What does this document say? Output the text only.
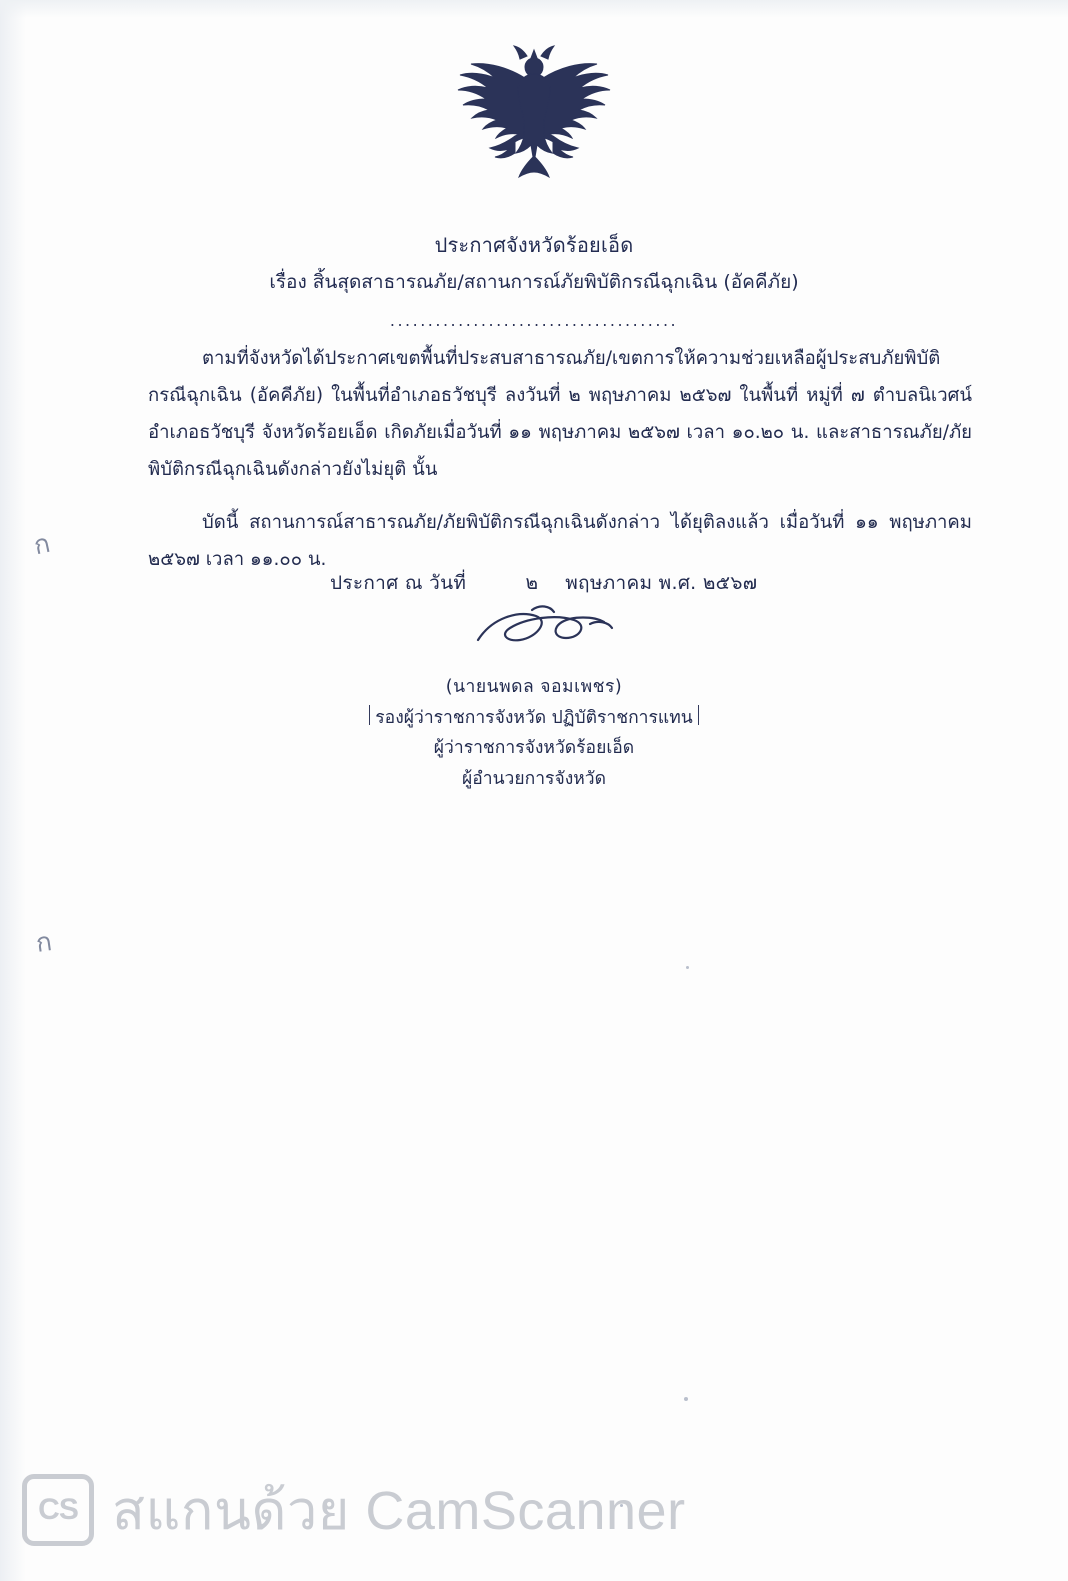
ประกาศจังหวัดร้อยเอ็ด
เรื่อง สิ้นสุดสาธารณภัย/สถานการณ์ภัยพิบัติกรณีฉุกเฉิน (อัคคีภัย)
......................................

ตามที่จังหวัดได้ประกาศเขตพื้นที่ประสบสาธารณภัย/เขตการให้ความช่วยเหลือผู้ประสบภัยพิบัติกรณีฉุกเฉิน (อัคคีภัย) ในพื้นที่อำเภอธวัชบุรี ลงวันที่ ๒ พฤษภาคม ๒๕๖๗ ในพื้นที่ หมู่ที่ ๗ ตำบลนิเวศน์ อำเภอธวัชบุรี จังหวัดร้อยเอ็ด เกิดภัยเมื่อวันที่ ๑๑ พฤษภาคม ๒๕๖๗ เวลา ๑๐.๒๐ น. และสาธารณภัย/ภัยพิบัติกรณีฉุกเฉินดังกล่าวยังไม่ยุติ นั้น

บัดนี้ สถานการณ์สาธารณภัย/ภัยพิบัติกรณีฉุกเฉินดังกล่าว ได้ยุติลงแล้ว เมื่อวันที่ ๑๑ พฤษภาคม ๒๕๖๗ เวลา ๑๑.๐๐ น.

ประกาศ ณ วันที่	๒ พฤษภาคม พ.ศ. ๒๕๖๗
(นายนพดล จอมเพชร)
รองผู้ว่าราชการจังหวัด ปฏิบัติราชการแทน
ผู้ว่าราชการจังหวัดร้อยเอ็ด
ผู้อำนวยการจังหวัด
ก
ก
CS สแกนด้วย CamScanner
